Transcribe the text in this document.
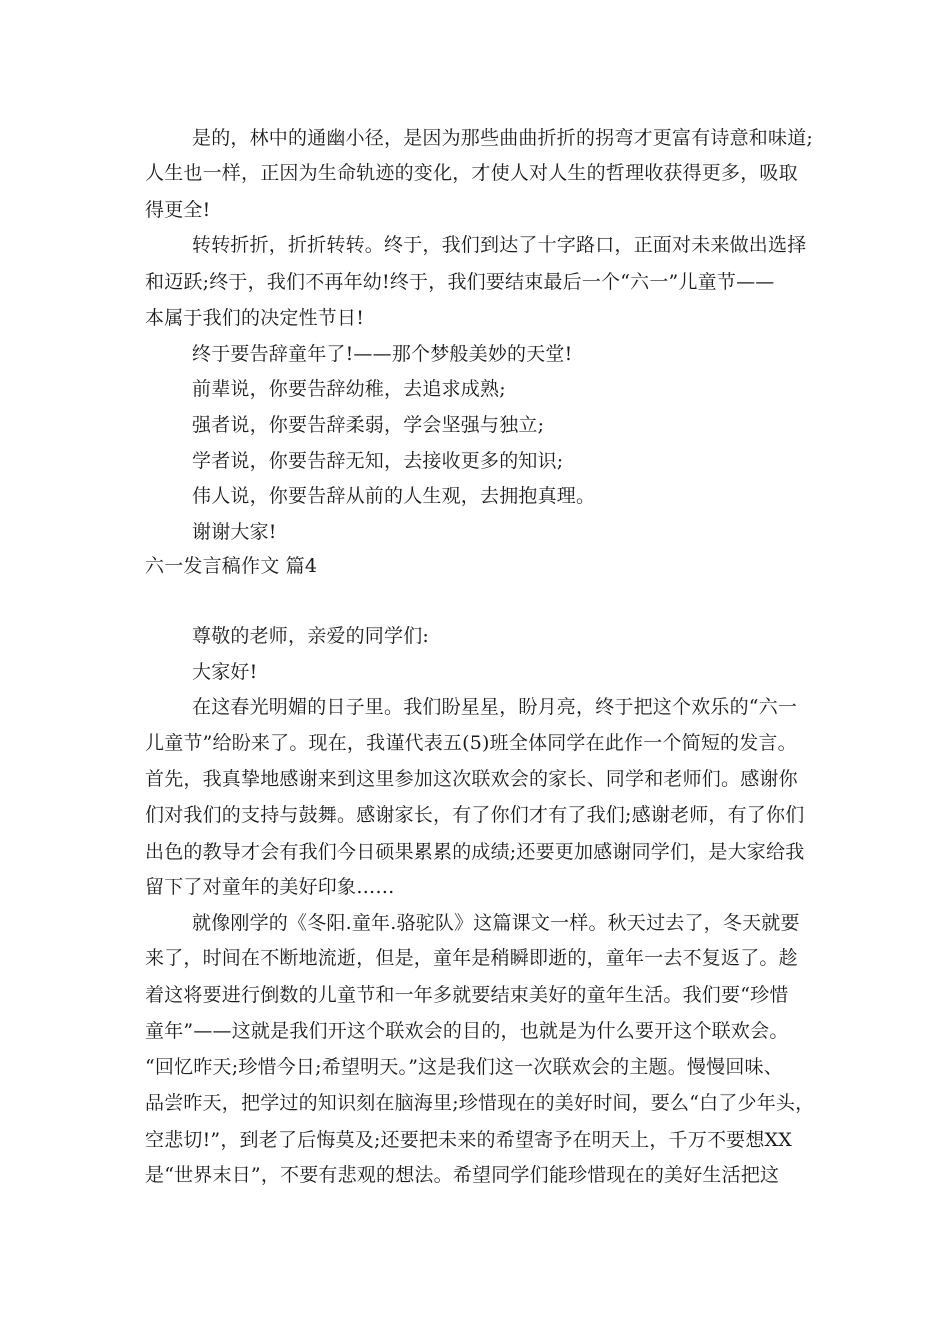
是的，林中的通幽小径，是因为那些曲曲折折的拐弯才更富有诗意和味道;
人生也一样，正因为生命轨迹的变化，才使人对人生的哲理收获得更多，吸取
得更全!
转转折折，折折转转。终于，我们到达了十字路口，正面对未来做出选择
和迈跃;终于，我们不再年幼!终于，我们要结束最后一个“六一”儿童节——
本属于我们的决定性节日!
终于要告辞童年了!——那个梦般美妙的天堂!
前辈说，你要告辞幼稚，去追求成熟;
强者说，你要告辞柔弱，学会坚强与独立;
学者说，你要告辞无知，去接收更多的知识;
伟人说，你要告辞从前的人生观，去拥抱真理。
谢谢大家!
六一发言稿作文 篇4
尊敬的老师，亲爱的同学们:
大家好!
在这春光明媚的日子里。我们盼星星，盼月亮，终于把这个欢乐的“六一
儿童节”给盼来了。现在，我谨代表五(5)班全体同学在此作一个简短的发言。
首先，我真挚地感谢来到这里参加这次联欢会的家长、同学和老师们。感谢你
们对我们的支持与鼓舞。感谢家长，有了你们才有了我们;感谢老师，有了你们
出色的教导才会有我们今日硕果累累的成绩;还要更加感谢同学们，是大家给我
留下了对童年的美好印象……
就像刚学的《冬阳.童年.骆驼队》这篇课文一样。秋天过去了，冬天就要
来了，时间在不断地流逝，但是，童年是稍瞬即逝的，童年一去不复返了。趁
着这将要进行倒数的儿童节和一年多就要结束美好的童年生活。我们要“珍惜
童年”——这就是我们开这个联欢会的目的，也就是为什么要开这个联欢会。
“回忆昨天;珍惜今日;希望明天。”这是我们这一次联欢会的主题。慢慢回味、
品尝昨天，把学过的知识刻在脑海里;珍惜现在的美好时间，要么“白了少年头，
空悲切!”，到老了后悔莫及;还要把未来的希望寄予在明天上，千万不要想XX
是“世界末日”，不要有悲观的想法。希望同学们能珍惜现在的美好生活把这
